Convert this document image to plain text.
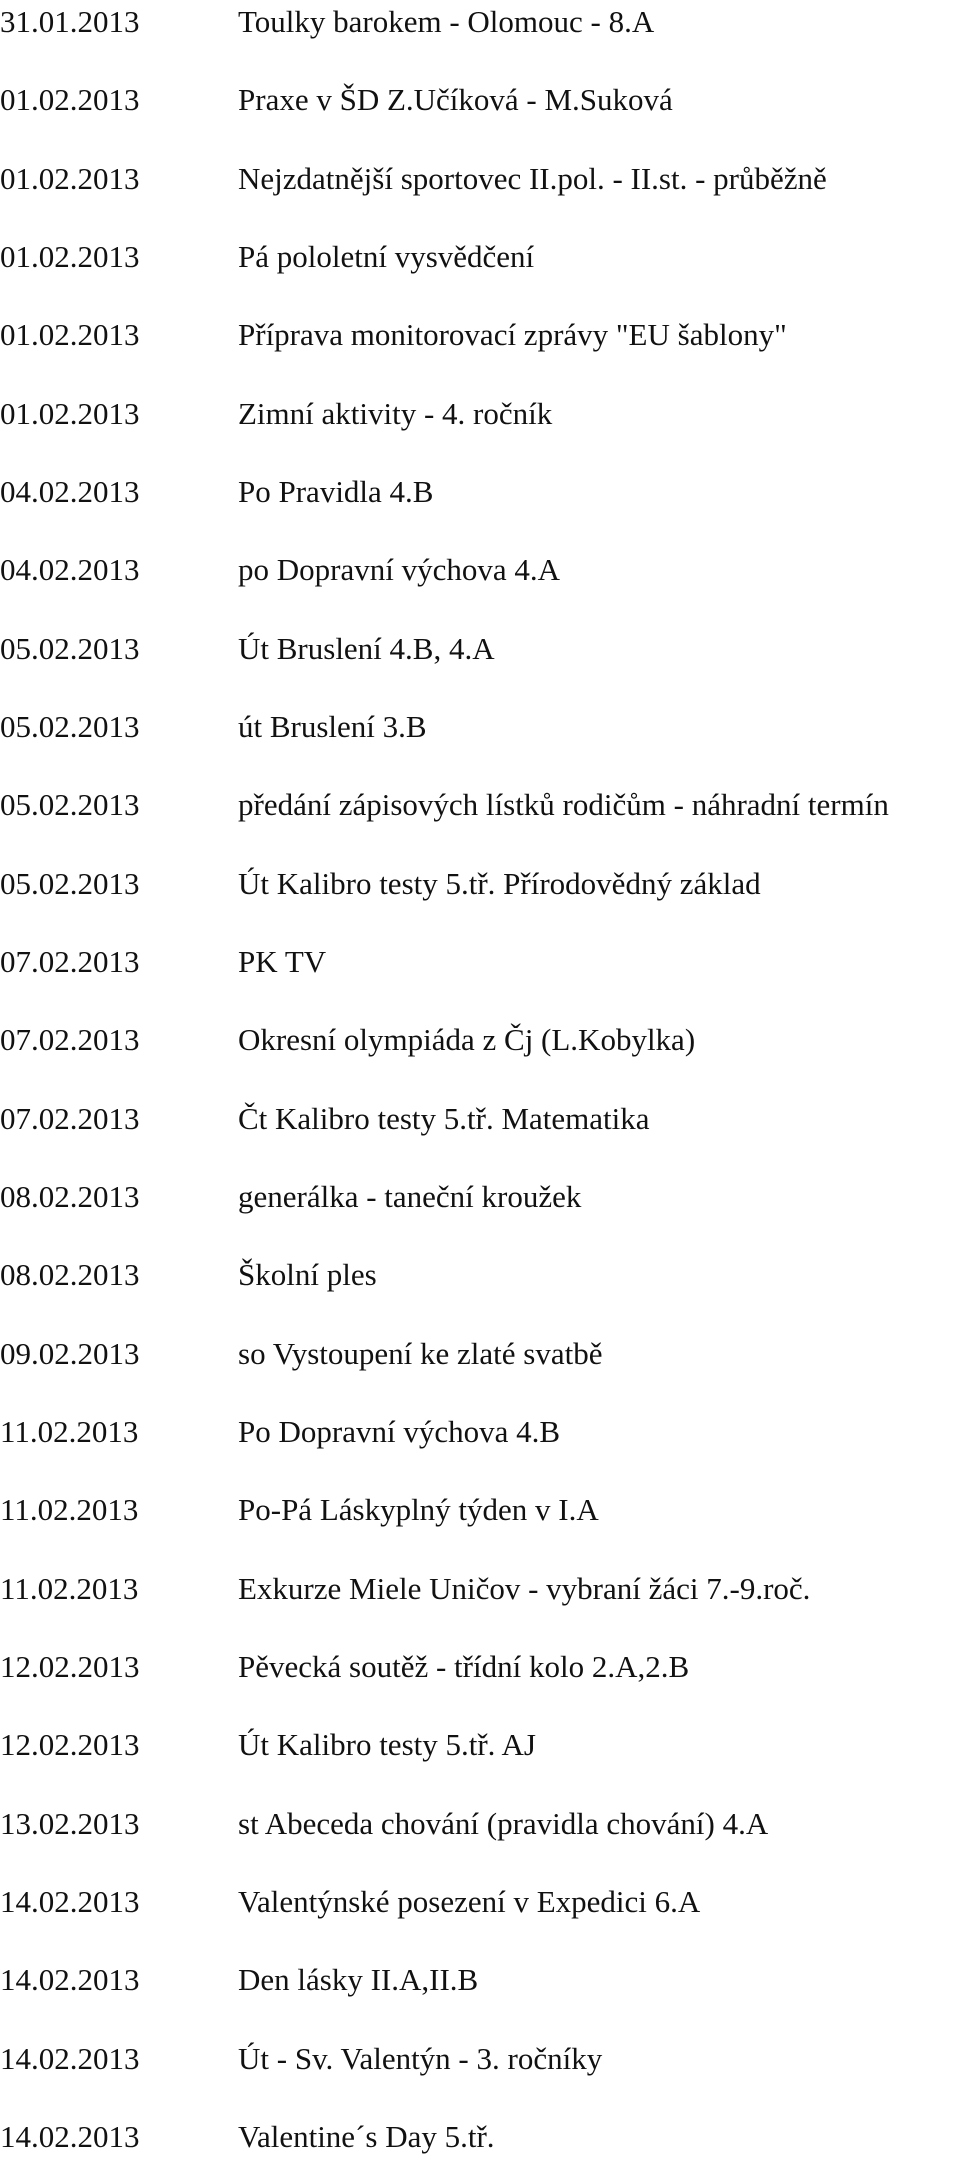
31.01.2013	Toulky barokem - Olomouc - 8.A
01.02.2013	Praxe v ŠD Z.Učíková - M.Suková
01.02.2013	Nejzdatnější sportovec II.pol. - II.st. - průběžně
01.02.2013	Pá pololetní vysvědčení
01.02.2013	Příprava monitorovací zprávy "EU šablony"
01.02.2013	Zimní aktivity - 4. ročník
04.02.2013	Po Pravidla 4.B
04.02.2013	po Dopravní výchova 4.A
05.02.2013	Út Bruslení 4.B, 4.A
05.02.2013	út Bruslení 3.B
05.02.2013	předání zápisových lístků rodičům - náhradní termín
05.02.2013	Út Kalibro testy 5.tř. Přírodovědný základ
07.02.2013	PK TV
07.02.2013	Okresní olympiáda z Čj (L.Kobylka)
07.02.2013	Čt Kalibro testy 5.tř. Matematika
08.02.2013	generálka - taneční kroužek
08.02.2013	Školní ples
09.02.2013	so Vystoupení ke zlaté svatbě
11.02.2013	Po Dopravní výchova 4.B
11.02.2013	Po-Pá Láskyplný týden v I.A
11.02.2013	Exkurze Miele Uničov - vybraní žáci 7.-9.roč.
12.02.2013	Pěvecká soutěž - třídní kolo 2.A,2.B
12.02.2013	Út Kalibro testy 5.tř. AJ
13.02.2013	st Abeceda chování (pravidla chování) 4.A
14.02.2013	Valentýnské posezení v Expedici 6.A
14.02.2013	Den lásky II.A,II.B
14.02.2013	Út - Sv. Valentýn - 3. ročníky
14.02.2013	Valentine´s Day 5.tř.
